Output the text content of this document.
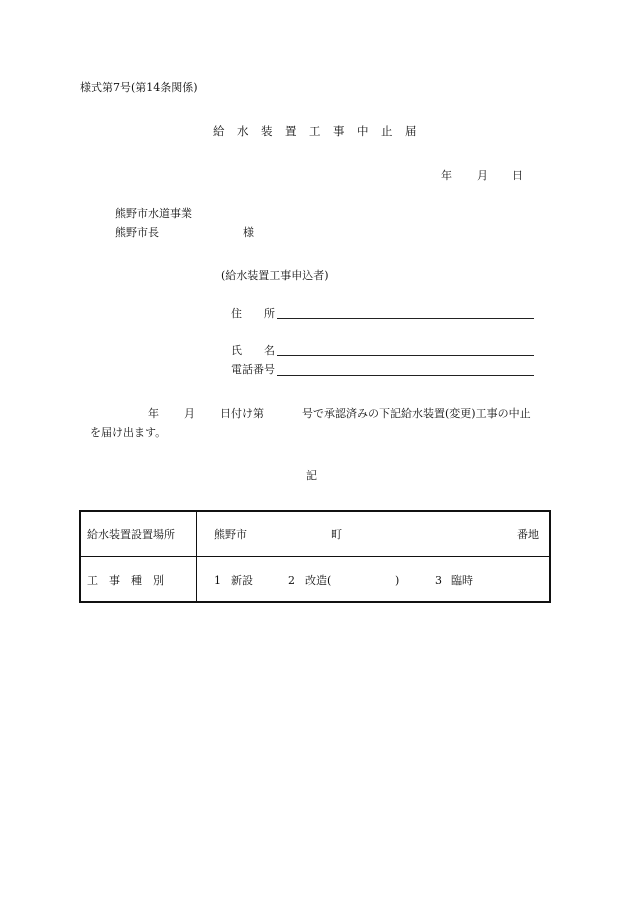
様式第7号(第14条関係)
給　水　装　置　工　事　中　止　届
年 月 日
熊野市水道事業
熊野市長	様
(給水装置工事申込者)
住　　所
氏　　名
電話番号
年 月 日付け第	号で承認済みの下記給水装置(変更)工事の中止
を届け出ます。
記
給水装置設置場所	熊野市	町	番地
工　事　種　別	1 新設	2 改造(	)	3 臨時
